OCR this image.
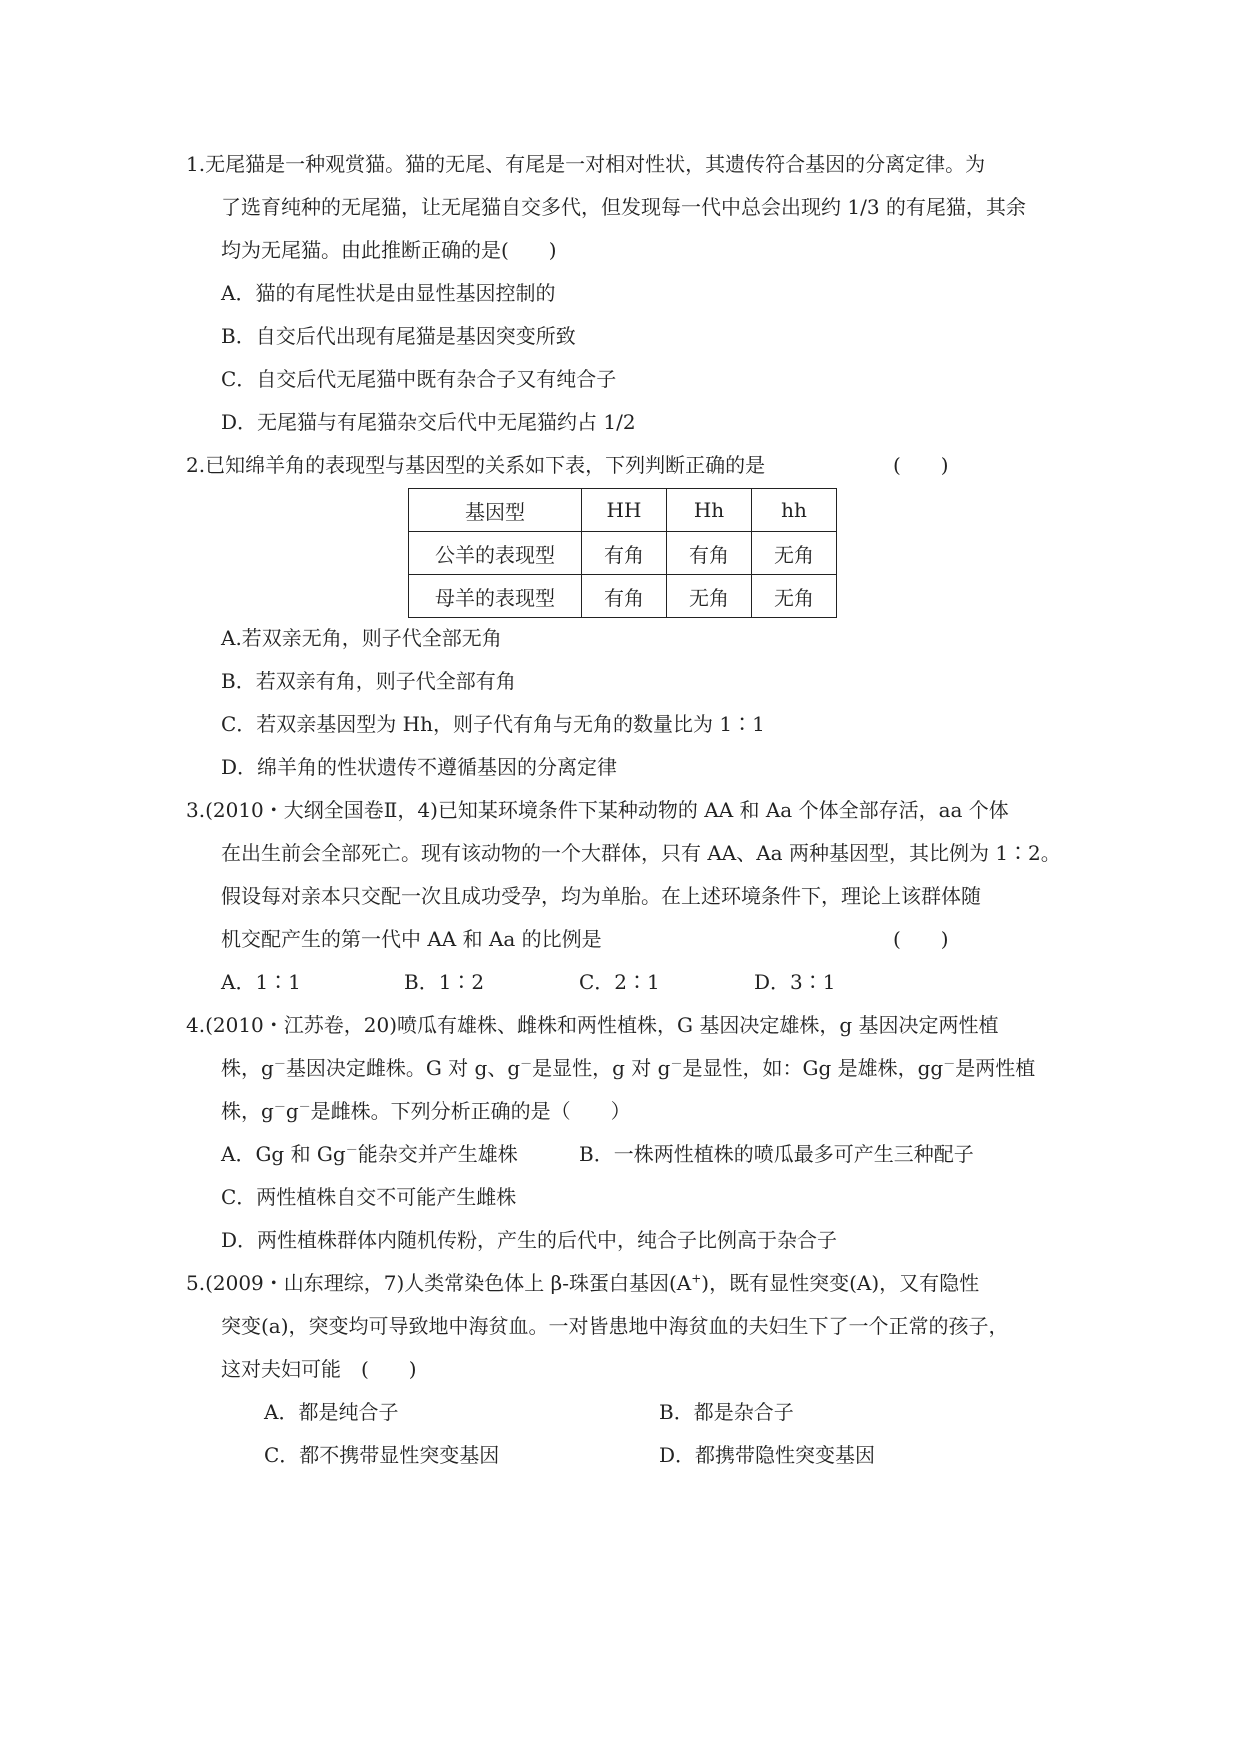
1.无尾猫是一种观赏猫。猫的无尾、有尾是一对相对性状，其遗传符合基因的分离定律。为
了选育纯种的无尾猫，让无尾猫自交多代，但发现每一代中总会出现约 1/3 的有尾猫，其余
均为无尾猫。由此推断正确的是(　　)
A．猫的有尾性状是由显性基因控制的
B．自交后代出现有尾猫是基因突变所致
C．自交后代无尾猫中既有杂合子又有纯合子
D．无尾猫与有尾猫杂交后代中无尾猫约占 1/2
2.已知绵羊角的表现型与基因型的关系如下表，下列判断正确的是	(　　)
基因型	HH	Hh	hh
公羊的表现型	有角	有角	无角
母羊的表现型	有角	无角	无角
A.若双亲无角，则子代全部无角
B．若双亲有角，则子代全部有角
C．若双亲基因型为 Hh，则子代有角与无角的数量比为 1∶1
D．绵羊角的性状遗传不遵循基因的分离定律
3.(2010・大纲全国卷Ⅱ，4)已知某环境条件下某种动物的 AA 和 Aa 个体全部存活，aa 个体
在出生前会全部死亡。现有该动物的一个大群体，只有 AA、Aa 两种基因型，其比例为 1∶2。
假设每对亲本只交配一次且成功受孕，均为单胎。在上述环境条件下，理论上该群体随
机交配产生的第一代中 AA 和 Aa 的比例是	(　　)
A．1∶1	B．1∶2	C．2∶1	D．3∶1
4.(2010・江苏卷，20)喷瓜有雄株、雌株和两性植株，G 基因决定雄株，g 基因决定两性植
株，g－基因决定雌株。G 对 g、g－是显性，g 对 g－是显性，如：Gg 是雄株，gg－是两性植
株，g－g－是雌株。下列分析正确的是（　　）
A．Gg 和 Gg－能杂交并产生雄株	B．一株两性植株的喷瓜最多可产生三种配子
C．两性植株自交不可能产生雌株
D．两性植株群体内随机传粉，产生的后代中，纯合子比例高于杂合子
5.(2009・山东理综，7)人类常染色体上 β-珠蛋白基因(A+)，既有显性突变(A)，又有隐性
突变(a)，突变均可导致地中海贫血。一对皆患地中海贫血的夫妇生下了一个正常的孩子，
这对夫妇可能　(　　)
A．都是纯合子	B．都是杂合子
C．都不携带显性突变基因	D．都携带隐性突变基因
